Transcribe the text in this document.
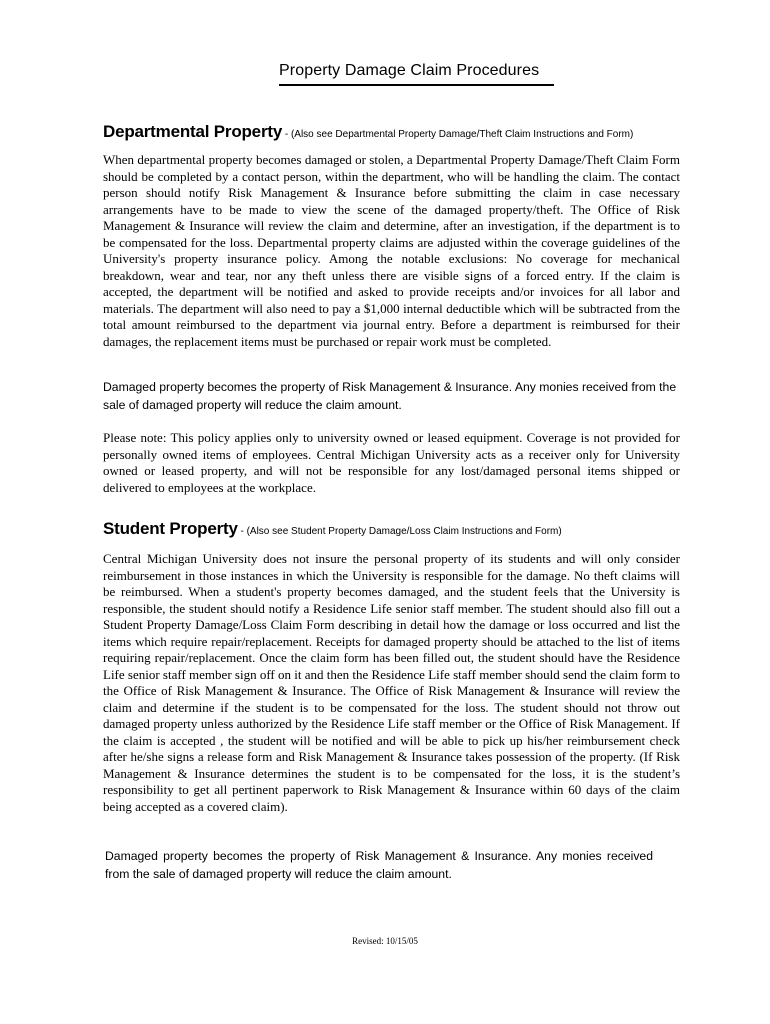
Property Damage Claim Procedures
Departmental Property - (Also see Departmental Property Damage/Theft Claim Instructions and Form)

When departmental property becomes damaged or stolen, a Departmental Property Damage/Theft Claim Form should be completed by a contact person, within the department, who will be handling the claim. The contact person should notify Risk Management & Insurance before submitting the claim in case necessary arrangements have to be made to view the scene of the damaged property/theft. The Office of Risk Management & Insurance will review the claim and determine, after an investigation, if the department is to be compensated for the loss. Departmental property claims are adjusted within the coverage guidelines of the University's property insurance policy. Among the notable exclusions: No coverage for mechanical breakdown, wear and tear, nor any theft unless there are visible signs of a forced entry. If the claim is accepted, the department will be notified and asked to provide receipts and/or invoices for all labor and materials. The department will also need to pay a $1,000 internal deductible which will be subtracted from the total amount reimbursed to the department via journal entry. Before a department is reimbursed for their damages, the replacement items must be purchased or repair work must be completed.

Damaged property becomes the property of Risk Management & Insurance. Any monies received from the sale of damaged property will reduce the claim amount.

Please note: This policy applies only to university owned or leased equipment. Coverage is not provided for personally owned items of employees. Central Michigan University acts as a receiver only for University owned or leased property, and will not be responsible for any lost/damaged personal items shipped or delivered to employees at the workplace.

Student Property - (Also see Student Property Damage/Loss Claim Instructions and Form)

Central Michigan University does not insure the personal property of its students and will only consider reimbursement in those instances in which the University is responsible for the damage. No theft claims will be reimbursed. When a student's property becomes damaged, and the student feels that the University is responsible, the student should notify a Residence Life senior staff member. The student should also fill out a Student Property Damage/Loss Claim Form describing in detail how the damage or loss occurred and list the items which require repair/replacement. Receipts for damaged property should be attached to the list of items requiring repair/replacement. Once the claim form has been filled out, the student should have the Residence Life senior staff member sign off on it and then the Residence Life staff member should send the claim form to the Office of Risk Management & Insurance. The Office of Risk Management & Insurance will review the claim and determine if the student is to be compensated for the loss. The student should not throw out damaged property unless authorized by the Residence Life staff member or the Office of Risk Management. If the claim is accepted , the student will be notified and will be able to pick up his/her reimbursement check after he/she signs a release form and Risk Management & Insurance takes possession of the property. (If Risk Management & Insurance determines the student is to be compensated for the loss, it is the student’s responsibility to get all pertinent paperwork to Risk Management & Insurance within 60 days of the claim being accepted as a covered claim).

Damaged property becomes the property of Risk Management & Insurance. Any monies received from the sale of damaged property will reduce the claim amount.

Revised: 10/15/05
